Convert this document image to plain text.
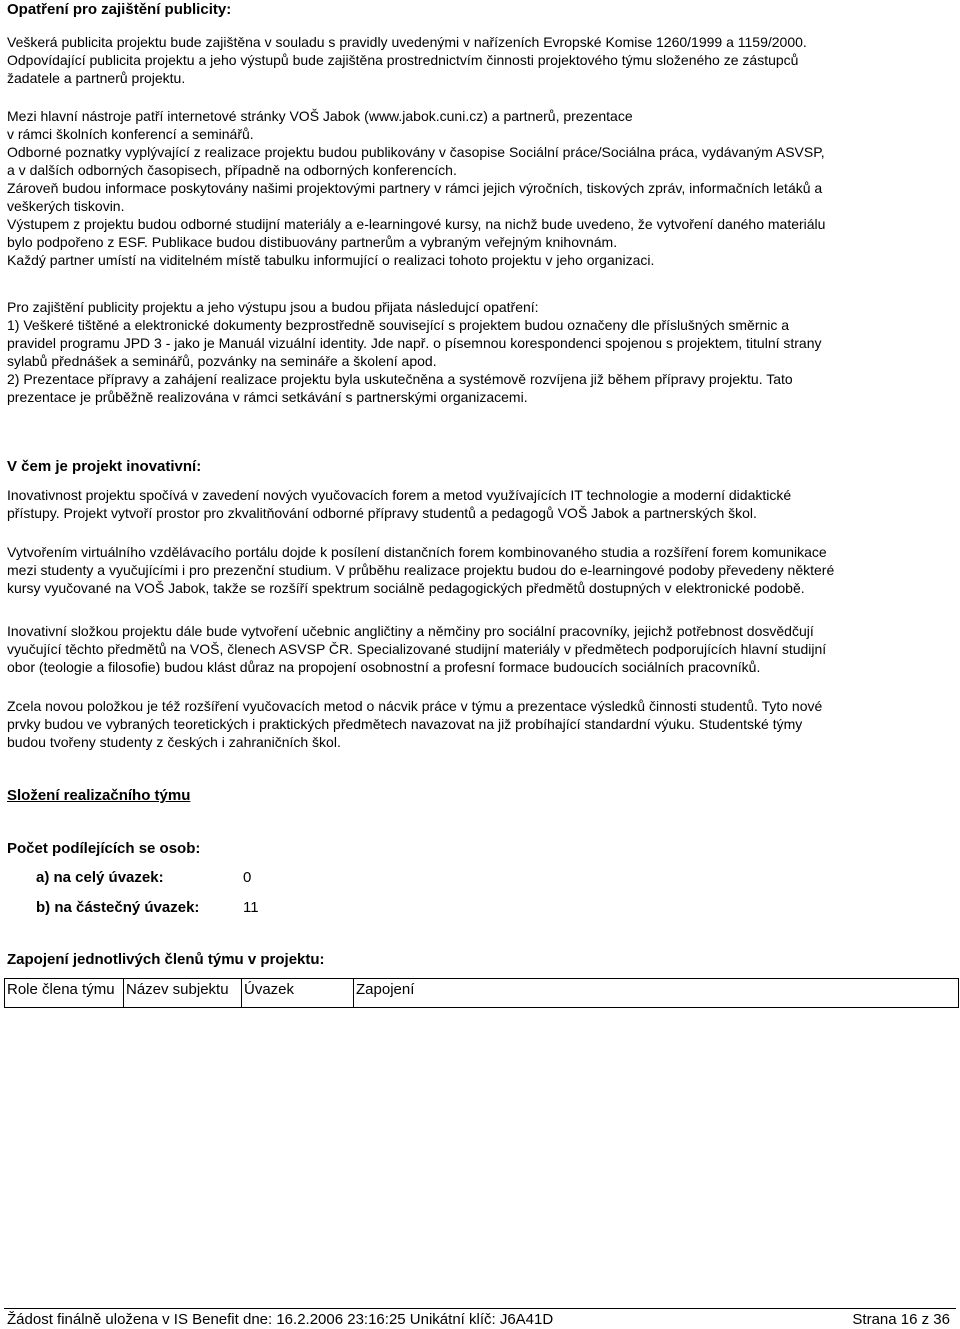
Opatření pro zajištění publicity:

Veškerá publicita projektu bude zajištěna v souladu s pravidly uvedenými v nařízeních Evropské Komise 1260/1999 a 1159/2000.

Odpovídající publicita projektu a jeho výstupů bude zajištěna prostrednictvím činnosti projektového týmu složeného ze zástupců

žadatele a partnerů projektu.

Mezi hlavní nástroje patří internetové stránky VOŠ Jabok (www.jabok.cuni.cz) a partnerů, prezentace

v rámci školních konferencí a seminářů.

Odborné poznatky vyplývající z realizace projektu budou publikovány v časopise Sociální práce/Sociálna práca, vydávaným ASVSP,

a v dalších odborných časopisech, případně na odborných konferencích.

Zároveň budou informace poskytovány našimi projektovými partnery v rámci jejich výročních, tiskových zpráv, informačních letáků a

veškerých tiskovin.

Výstupem z projektu budou odborné studijní materiály a e-learningové kursy, na nichž bude uvedeno, že vytvoření daného materiálu

bylo podpořeno z ESF. Publikace budou distibuovány partnerům a vybraným veřejným knihovnám.

Každý partner umístí na viditelném místě tabulku informující o realizaci tohoto projektu v jeho organizaci.

Pro zajištění publicity projektu a jeho výstupu jsou a budou přijata následujcí opatření:

1) Veškeré tištěné a elektronické dokumenty bezprostředně související s projektem budou označeny dle příslušných směrnic a

pravidel programu JPD 3 - jako je Manuál vizuální identity. Jde např. o písemnou korespondenci spojenou s projektem, titulní strany

sylabů přednášek a seminářů, pozvánky na semináře a školení apod.

2) Prezentace přípravy a zahájení realizace projektu byla uskutečněna a systémově rozvíjena již během přípravy projektu. Tato

prezentace je průběžně realizována v rámci setkávání s partnerskými organizacemi.

V čem je projekt inovativní:

Inovativnost projektu spočívá v zavedení nových vyučovacích forem a metod využívajících IT technologie a moderní didaktické

přístupy. Projekt vytvoří prostor pro zkvalitňování odborné přípravy studentů a pedagogů VOŠ Jabok a partnerských škol.

Vytvořením virtuálního vzdělávacího portálu dojde k posílení distančních forem kombinovaného studia a rozšíření forem komunikace

mezi studenty a vyučujícími i pro prezenční studium. V průběhu realizace projektu budou do e-learningové podoby převedeny některé

kursy vyučované na VOŠ Jabok, takže se rozšíří spektrum sociálně pedagogických předmětů dostupných v elektronické podobě.

Inovativní složkou projektu dále bude vytvoření učebnic angličtiny a němčiny pro sociální pracovníky, jejichž potřebnost dosvědčují

vyučující těchto předmětů na VOŠ, členech ASVSP ČR. Specializované studijní materiály v předmětech podporujících hlavní studijní

obor (teologie a filosofie) budou klást důraz na propojení osobnostní a profesní formace budoucích sociálních pracovníků.

Zcela novou položkou je též rozšíření vyučovacích metod o nácvik práce v týmu a prezentace výsledků činnosti studentů. Tyto nové

prvky budou ve vybraných teoretických i praktických předmětech navazovat na již probíhající standardní výuku. Studentské týmy

budou tvořeny studenty z českých i zahraničních škol.

Složení realizačního týmu
Počet podílejících se osob:
a) na celý úvazek:	0
b) na částečný úvazek:	11
Zapojení jednotlivých členů týmu v projektu:
Role člena týmu	Název subjektu	Úvazek	Zapojení
Žádost finálně uložena v IS Benefit dne: 16.2.2006 23:16:25 Unikátní klíč: J6A41D	Strana 16 z 36
